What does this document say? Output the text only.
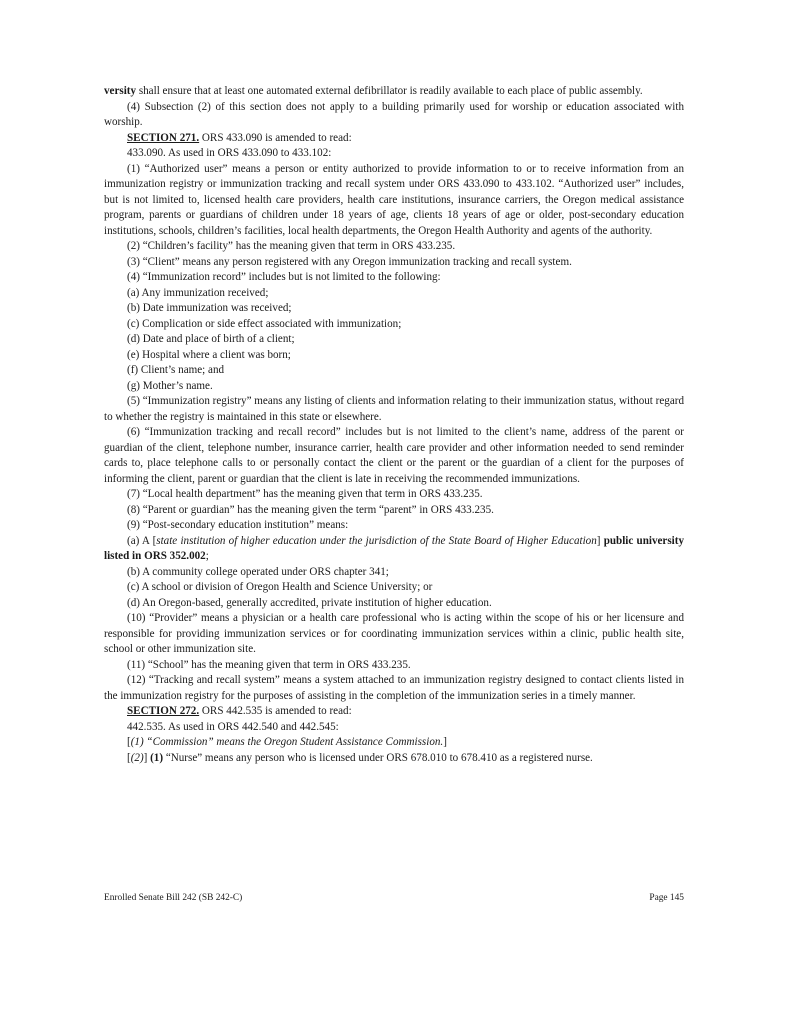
versity shall ensure that at least one automated external defibrillator is readily available to each place of public assembly.

(4) Subsection (2) of this section does not apply to a building primarily used for worship or education associated with worship.

SECTION 271. ORS 433.090 is amended to read:

433.090. As used in ORS 433.090 to 433.102:

(1) “Authorized user” means a person or entity authorized to provide information to or to receive information from an immunization registry or immunization tracking and recall system under ORS 433.090 to 433.102. “Authorized user” includes, but is not limited to, licensed health care providers, health care institutions, insurance carriers, the Oregon medical assistance program, parents or guardians of children under 18 years of age, clients 18 years of age or older, post-secondary education institutions, schools, children’s facilities, local health departments, the Oregon Health Authority and agents of the authority.

(2) “Children’s facility” has the meaning given that term in ORS 433.235.

(3) “Client” means any person registered with any Oregon immunization tracking and recall system.

(4) “Immunization record” includes but is not limited to the following:

(a) Any immunization received;

(b) Date immunization was received;

(c) Complication or side effect associated with immunization;

(d) Date and place of birth of a client;

(e) Hospital where a client was born;

(f) Client’s name; and

(g) Mother’s name.

(5) “Immunization registry” means any listing of clients and information relating to their immunization status, without regard to whether the registry is maintained in this state or elsewhere.

(6) “Immunization tracking and recall record” includes but is not limited to the client’s name, address of the parent or guardian of the client, telephone number, insurance carrier, health care provider and other information needed to send reminder cards to, place telephone calls to or personally contact the client or the parent or the guardian of a client for the purposes of informing the client, parent or guardian that the client is late in receiving the recommended immunizations.

(7) “Local health department” has the meaning given that term in ORS 433.235.

(8) “Parent or guardian” has the meaning given the term “parent” in ORS 433.235.

(9) “Post-secondary education institution” means:

(a) A [state institution of higher education under the jurisdiction of the State Board of Higher Education] public university listed in ORS 352.002;

(b) A community college operated under ORS chapter 341;

(c) A school or division of Oregon Health and Science University; or

(d) An Oregon-based, generally accredited, private institution of higher education.

(10) “Provider” means a physician or a health care professional who is acting within the scope of his or her licensure and responsible for providing immunization services or for coordinating immunization services within a clinic, public health site, school or other immunization site.

(11) “School” has the meaning given that term in ORS 433.235.

(12) “Tracking and recall system” means a system attached to an immunization registry designed to contact clients listed in the immunization registry for the purposes of assisting in the completion of the immunization series in a timely manner.

SECTION 272. ORS 442.535 is amended to read:

442.535. As used in ORS 442.540 and 442.545:

[(1) “Commission” means the Oregon Student Assistance Commission.]

[(2)] (1) “Nurse” means any person who is licensed under ORS 678.010 to 678.410 as a registered nurse.

Enrolled Senate Bill 242 (SB 242-C)	Page 145
